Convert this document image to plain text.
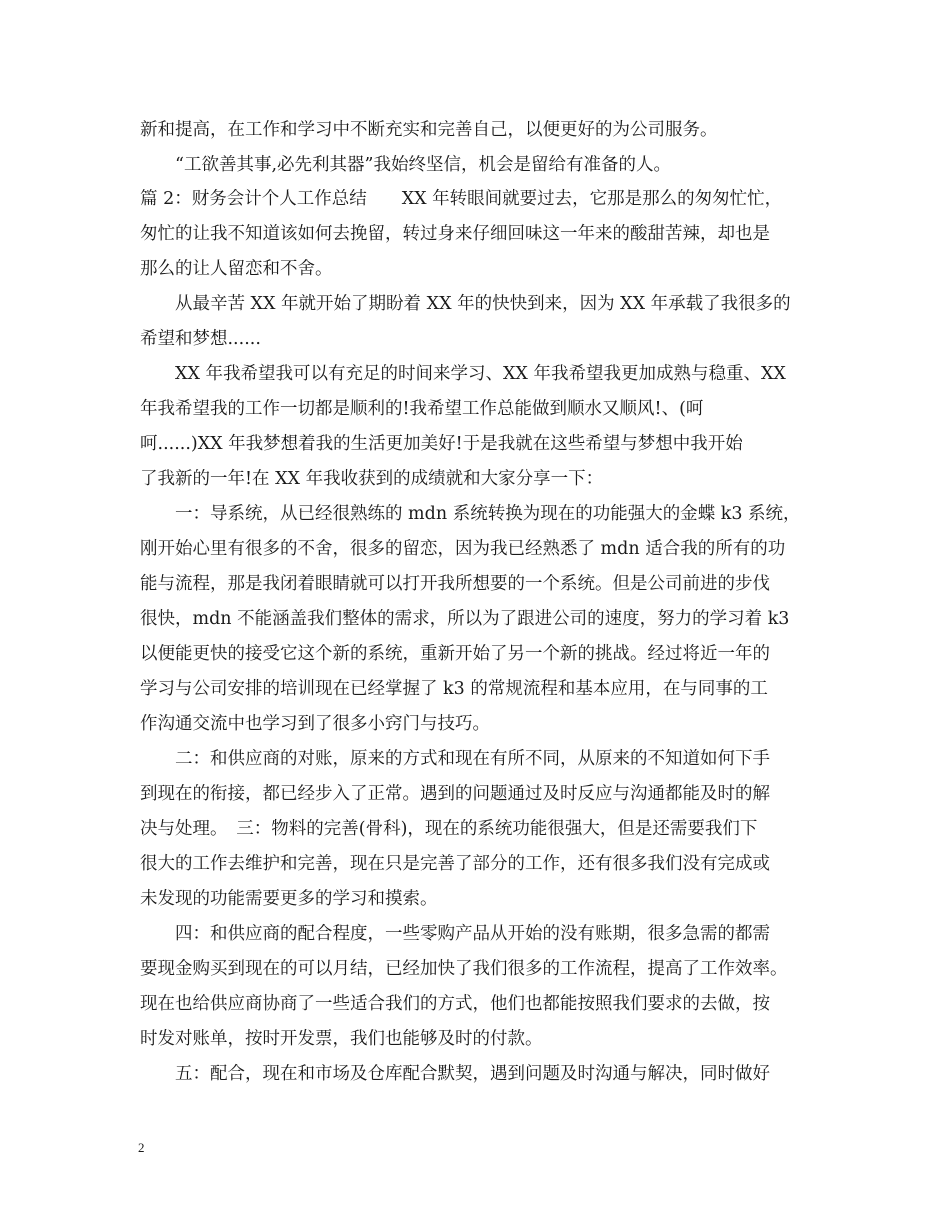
新和提高，在工作和学习中不断充实和完善自己，以便更好的为公司服务。
“工欲善其事,必先利其器”我始终坚信，机会是留给有准备的人。
篇 2：财务会计个人工作总结　　XX 年转眼间就要过去，它那是那么的匆匆忙忙，
匆忙的让我不知道该如何去挽留，转过身来仔细回味这一年来的酸甜苦辣，却也是
那么的让人留恋和不舍。
从最辛苦 XX 年就开始了期盼着 XX 年的快快到来，因为 XX 年承载了我很多的
希望和梦想......
XX 年我希望我可以有充足的时间来学习、XX 年我希望我更加成熟与稳重、XX
年我希望我的工作一切都是顺利的!我希望工作总能做到顺水又顺风!、(呵
呵......)XX 年我梦想着我的生活更加美好!于是我就在这些希望与梦想中我开始
了我新的一年!在 XX 年我收获到的成绩就和大家分享一下：
一：导系统，从已经很熟练的 mdn 系统转换为现在的功能强大的金蝶 k3 系统，
刚开始心里有很多的不舍，很多的留恋，因为我已经熟悉了 mdn 适合我的所有的功
能与流程，那是我闭着眼睛就可以打开我所想要的一个系统。但是公司前进的步伐
很快，mdn 不能涵盖我们整体的需求，所以为了跟进公司的速度，努力的学习着 k3
以便能更快的接受它这个新的系统，重新开始了另一个新的挑战。经过将近一年的
学习与公司安排的培训现在已经掌握了 k3 的常规流程和基本应用，在与同事的工
作沟通交流中也学习到了很多小窍门与技巧。
二：和供应商的对账，原来的方式和现在有所不同，从原来的不知道如何下手
到现在的衔接，都已经步入了正常。遇到的问题通过及时反应与沟通都能及时的解
决与处理。　三：物料的完善(骨科)，现在的系统功能很强大，但是还需要我们下
很大的工作去维护和完善，现在只是完善了部分的工作，还有很多我们没有完成或
未发现的功能需要更多的学习和摸索。
四：和供应商的配合程度，一些零购产品从开始的没有账期，很多急需的都需
要现金购买到现在的可以月结，已经加快了我们很多的工作流程，提高了工作效率。
现在也给供应商协商了一些适合我们的方式，他们也都能按照我们要求的去做，按
时发对账单，按时开发票，我们也能够及时的付款。
五：配合，现在和市场及仓库配合默契，遇到问题及时沟通与解决，同时做好
2
